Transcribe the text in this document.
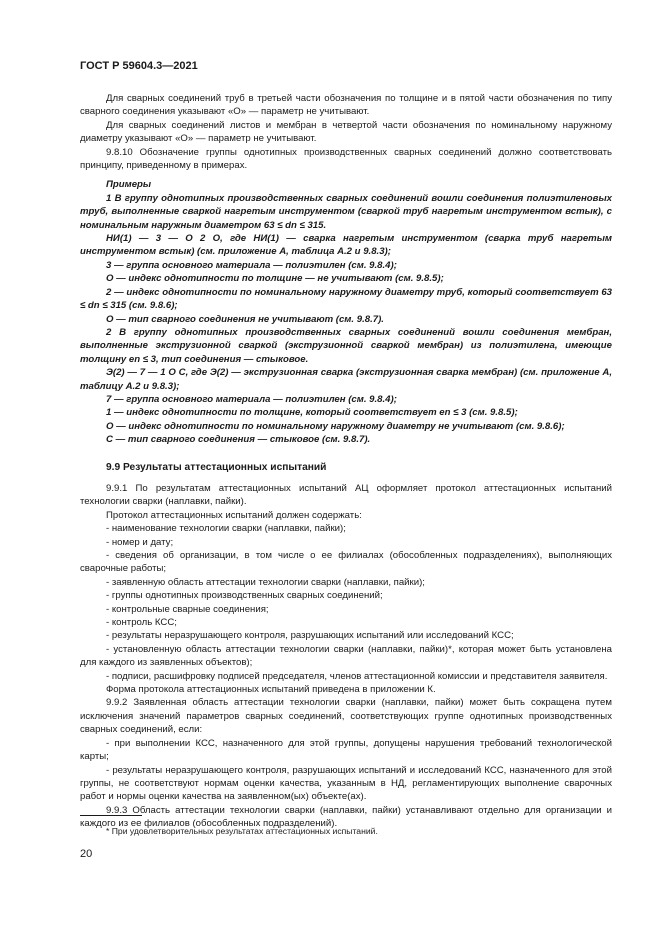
ГОСТ Р 59604.3—2021

Для сварных соединений труб в третьей части обозначения по толщине и в пятой части обозначения по типу сварного соединения указывают «О» — параметр не учитывают.

Для сварных соединений листов и мембран в четвертой части обозначения по номинальному наружному диаметру указывают «О» — параметр не учитывают.

9.8.10 Обозначение группы однотипных производственных сварных соединений должно соответствовать принципу, приведенному в примерах.

Примеры

1 В группу однотипных производственных сварных соединений вошли соединения полиэтиленовых труб, выполненные сваркой нагретым инструментом (сваркой труб нагретым инструментом встык), с номинальным наружным диаметром 63 ≤ dn ≤ 315.

НИ(1) — 3 — О 2 О, где НИ(1) — сварка нагретым инструментом (сварка труб нагретым инструментом встык) (см. приложение А, таблица А.2 и 9.8.3);

3 — группа основного материала — полиэтилен (см. 9.8.4);

О — индекс однотипности по толщине — не учитывают (см. 9.8.5);

2 — индекс однотипности по номинальному наружному диаметру труб, который соответствует 63 ≤ dn ≤ 315 (см. 9.8.6);

О — тип сварного соединения не учитывают (см. 9.8.7).

2 В группу однотипных производственных сварных соединений вошли соединения мембран, выполненные экструзионной сваркой (экструзионной сваркой мембран) из полиэтилена, имеющие толщину en ≤ 3, тип соединения — стыковое.

Э(2) — 7 — 1 О С, где Э(2) — экструзионная сварка (экструзионная сварка мембран) (см. приложение А, таблицу А.2 и 9.8.3);

7 — группа основного материала — полиэтилен (см. 9.8.4);

1 — индекс однотипности по толщине, который соответствует en ≤ 3 (см. 9.8.5);

О — индекс однотипности по номинальному наружному диаметру не учитывают (см. 9.8.6);

С — тип сварного соединения — стыковое (см. 9.8.7).

9.9 Результаты аттестационных испытаний

9.9.1 По результатам аттестационных испытаний АЦ оформляет протокол аттестационных испытаний технологии сварки (наплавки, пайки).

Протокол аттестационных испытаний должен содержать:

- наименование технологии сварки (наплавки, пайки);

- номер и дату;

- сведения об организации, в том числе о ее филиалах (обособленных подразделениях), выполняющих сварочные работы;

- заявленную область аттестации технологии сварки (наплавки, пайки);

- группы однотипных производственных сварных соединений;

- контрольные сварные соединения;

- контроль КСС;

- результаты неразрушающего контроля, разрушающих испытаний или исследований КСС;

- установленную область аттестации технологии сварки (наплавки, пайки)*, которая может быть установлена для каждого из заявленных объектов);

- подписи, расшифровку подписей председателя, членов аттестационной комиссии и представителя заявителя.

Форма протокола аттестационных испытаний приведена в приложении К.

9.9.2 Заявленная область аттестации технологии сварки (наплавки, пайки) может быть сокращена путем исключения значений параметров сварных соединений, соответствующих группе однотипных производственных сварных соединений, если:

- при выполнении КСС, назначенного для этой группы, допущены нарушения требований технологической карты;

- результаты неразрушающего контроля, разрушающих испытаний и исследований КСС, назначенного для этой группы, не соответствуют нормам оценки качества, указанным в НД, регламентирующих выполнение сварочных работ и нормы оценки качества на заявленном(ых) объекте(ах).

9.9.3 Область аттестации технологии сварки (наплавки, пайки) устанавливают отдельно для организации и каждого из ее филиалов (обособленных подразделений).

* При удовлетворительных результатах аттестационных испытаний.
20
